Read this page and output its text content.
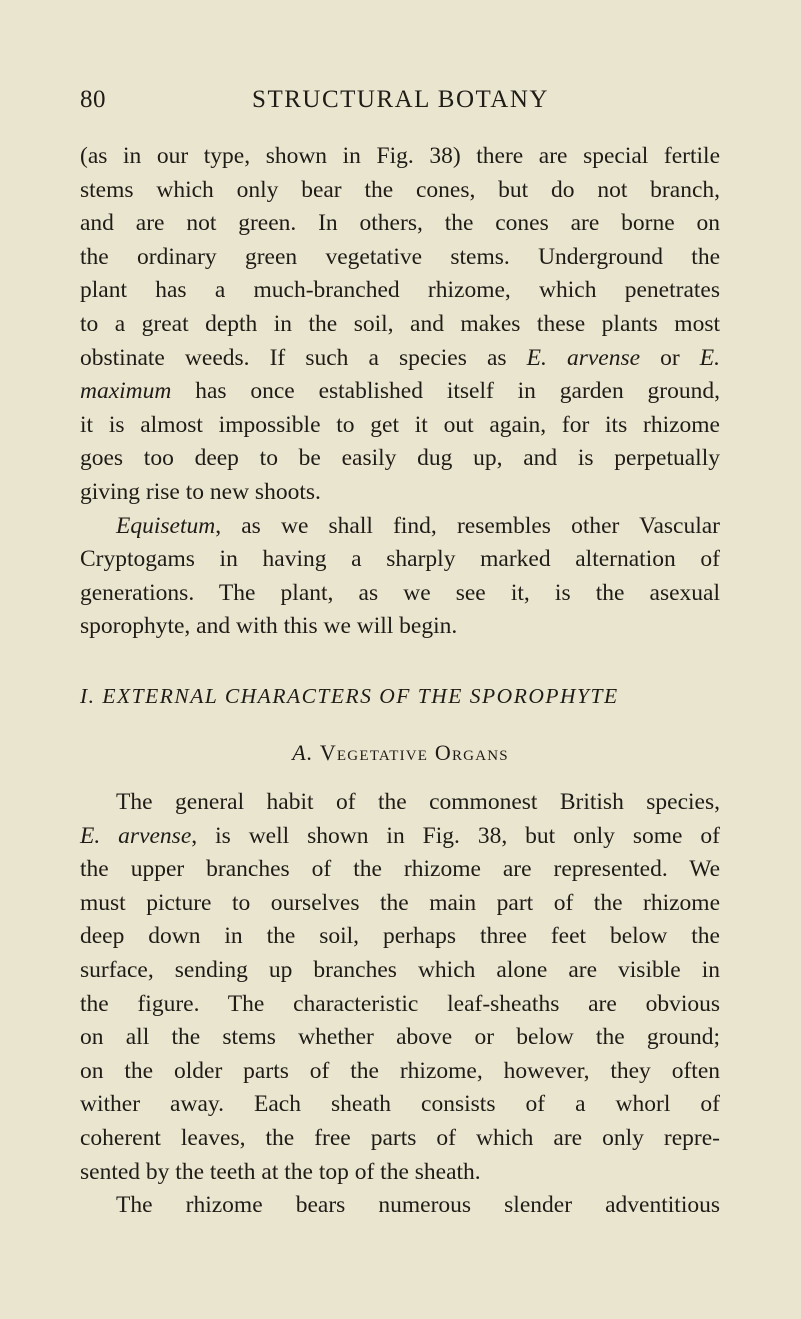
80	STRUCTURAL BOTANY
(as in our type, shown in Fig. 38) there are special fertile
stems which only bear the cones, but do not branch,
and are not green. In others, the cones are borne on
the ordinary green vegetative stems. Underground the
plant has a much-branched rhizome, which penetrates
to a great depth in the soil, and makes these plants most
obstinate weeds. If such a species as E. arvense or E.
maximum has once established itself in garden ground,
it is almost impossible to get it out again, for its rhizome
goes too deep to be easily dug up, and is perpetually
giving rise to new shoots.
Equisetum, as we shall find, resembles other Vascular
Cryptogams in having a sharply marked alternation of
generations. The plant, as we see it, is the asexual
sporophyte, and with this we will begin.
I. EXTERNAL CHARACTERS OF THE SPOROPHYTE
A. Vegetative Organs
The general habit of the commonest British species,
E. arvense, is well shown in Fig. 38, but only some of
the upper branches of the rhizome are represented. We
must picture to ourselves the main part of the rhizome
deep down in the soil, perhaps three feet below the
surface, sending up branches which alone are visible in
the figure. The characteristic leaf-sheaths are obvious
on all the stems whether above or below the ground;
on the older parts of the rhizome, however, they often
wither away. Each sheath consists of a whorl of
coherent leaves, the free parts of which are only repre-
sented by the teeth at the top of the sheath.
The rhizome bears numerous slender adventitious
